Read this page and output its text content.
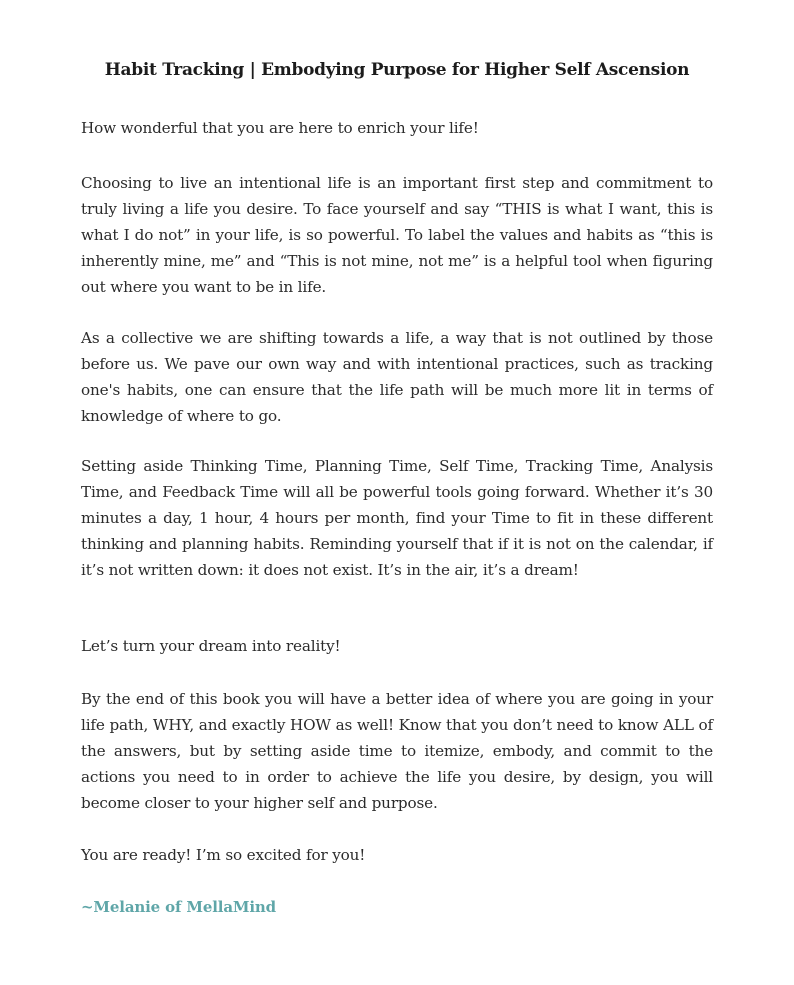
Habit Tracking | Embodying Purpose for Higher Self Ascension

How wonderful that you are here to enrich your life!

Choosing to live an intentional life is an important first step and commitment to truly living a life you desire. To face yourself and say “THIS is what I want, this is what I do not” in your life, is so powerful. To label the values and habits as “this is inherently mine, me” and “This is not mine, not me” is a helpful tool when figuring out where you want to be in life.

As a collective we are shifting towards a life, a way that is not outlined by those before us. We pave our own way and with intentional practices, such as tracking one's habits, one can ensure that the life path will be much more lit in terms of knowledge of where to go.

Setting aside Thinking Time, Planning Time, Self Time, Tracking Time, Analysis Time, and Feedback Time will all be powerful tools going forward. Whether it’s 30 minutes a day, 1 hour, 4 hours per month, find your Time to fit in these different thinking and planning habits. Reminding yourself that if it is not on the calendar, if it’s not written down: it does not exist. It’s in the air, it’s a dream!

Let’s turn your dream into reality!

By the end of this book you will have a better idea of where you are going in your life path, WHY, and exactly HOW as well! Know that you don’t need to know ALL of the answers, but by setting aside time to itemize, embody, and commit to the actions you need to in order to achieve the life you desire, by design, you will become closer to your higher self and purpose.

You are ready! I’m so excited for you!

~Melanie of MellaMind
